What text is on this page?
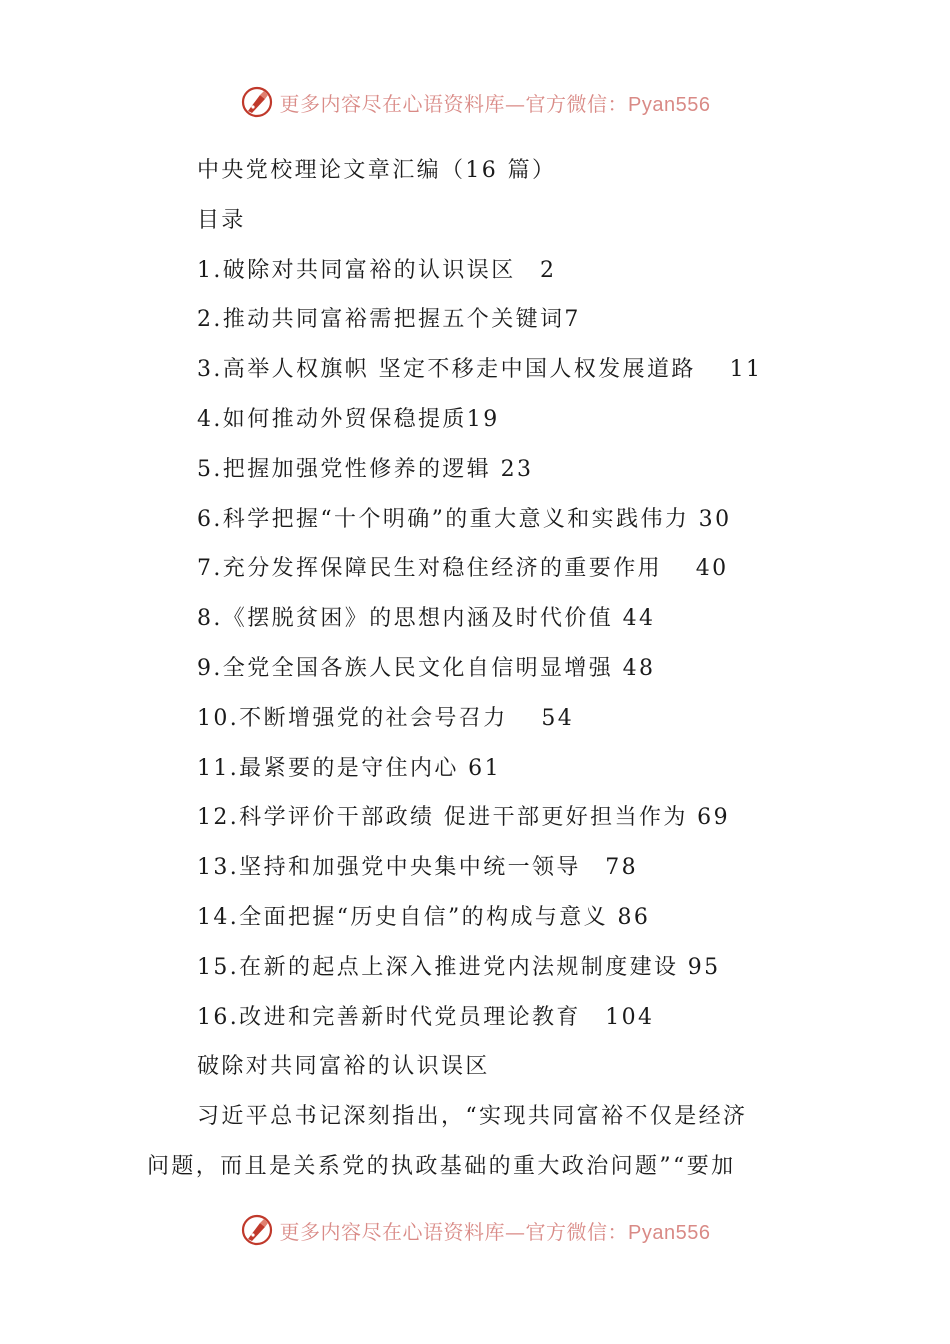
更多内容尽在心语资料库—官方微信：Pyan556
中央党校理论文章汇编（16 篇）
目录
1.破除对共同富裕的认识误区　2
2.推动共同富裕需把握五个关键词7
3.高举人权旗帜 坚定不移走中国人权发展道路　 11
4.如何推动外贸保稳提质19
5.把握加强党性修养的逻辑 23
6.科学把握“十个明确”的重大意义和实践伟力 30
7.充分发挥保障民生对稳住经济的重要作用　 40
8.《摆脱贫困》的思想内涵及时代价值 44
9.全党全国各族人民文化自信明显增强 48
10.不断增强党的社会号召力　 54
11.最紧要的是守住内心 61
12.科学评价干部政绩 促进干部更好担当作为 69
13.坚持和加强党中央集中统一领导　78
14.全面把握“历史自信”的构成与意义 86
15.在新的起点上深入推进党内法规制度建设 95
16.改进和完善新时代党员理论教育　104
破除对共同富裕的认识误区
习近平总书记深刻指出，“实现共同富裕不仅是经济
问题，而且是关系党的执政基础的重大政治问题”“要加
更多内容尽在心语资料库—官方微信：Pyan556
